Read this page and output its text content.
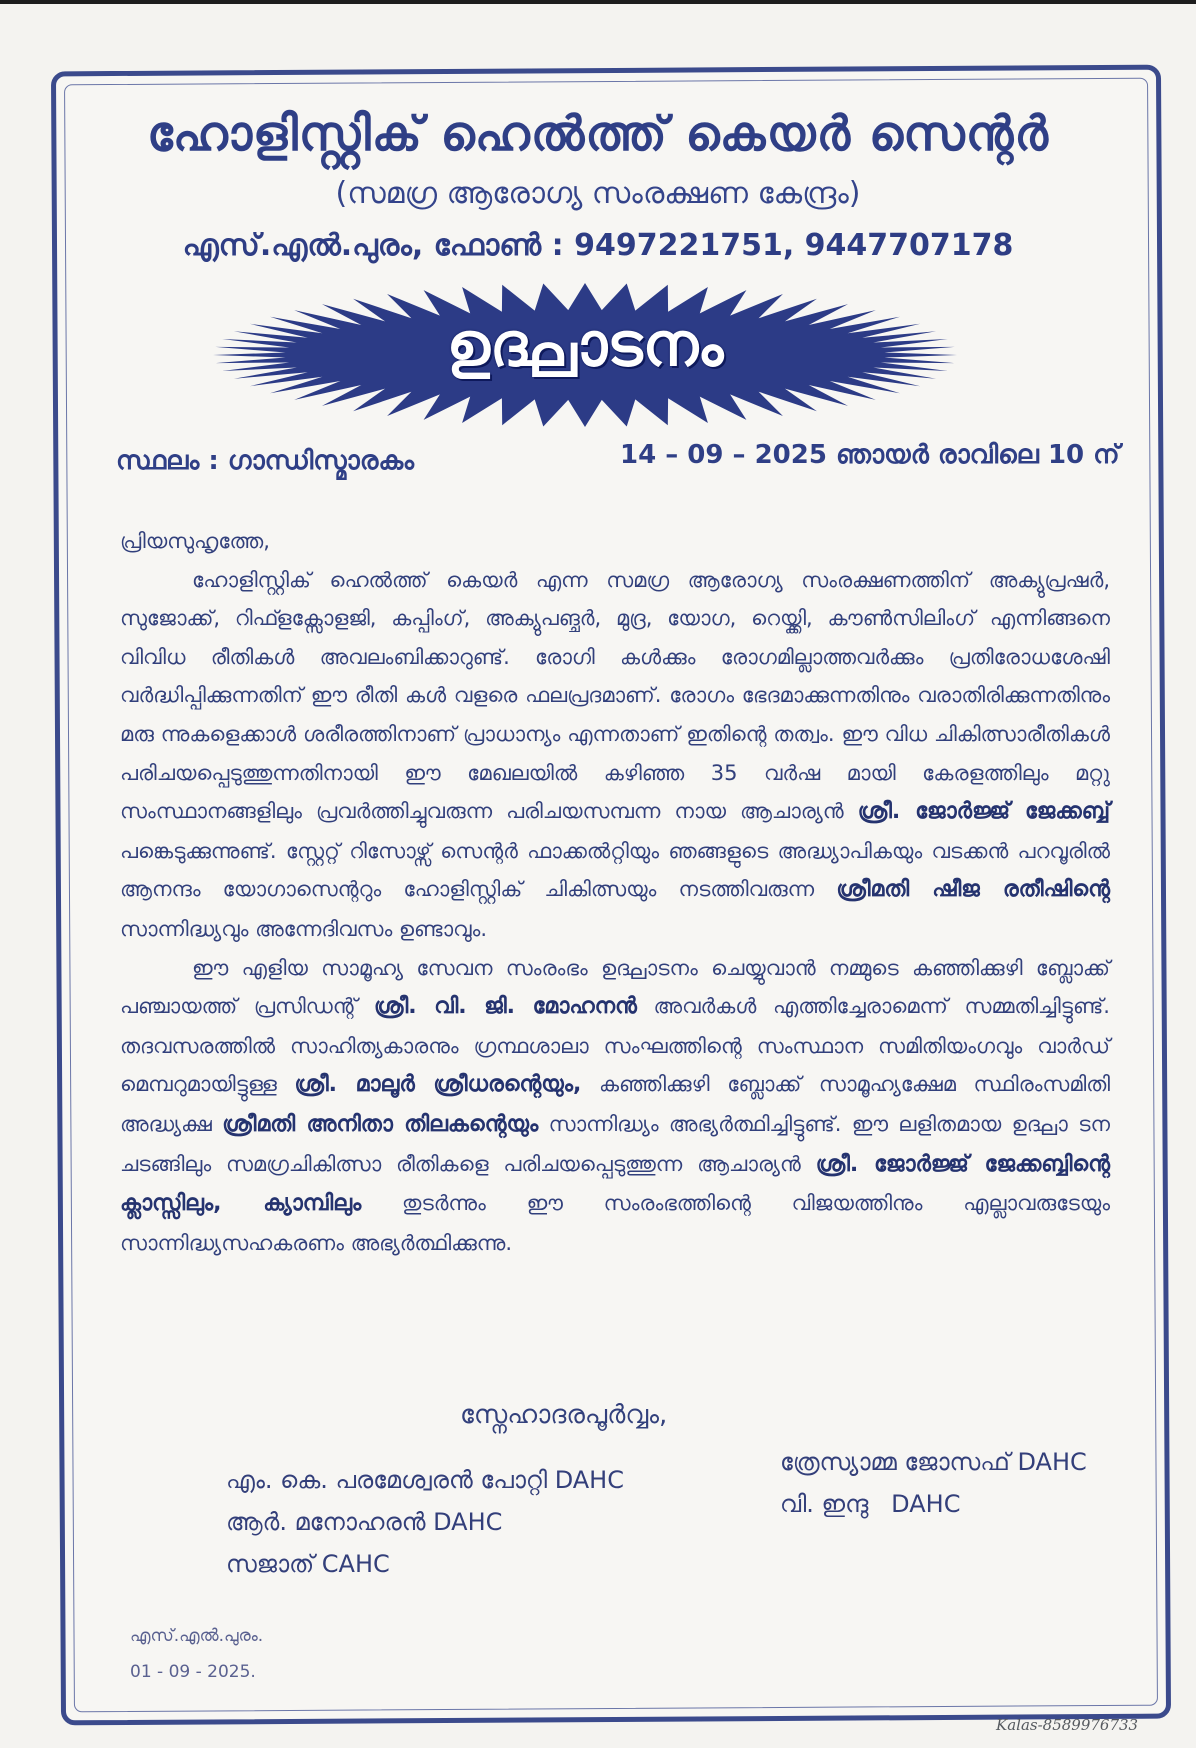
ഹോളിസ്റ്റിക് ഹെൽത്ത് കെയർ സെന്റർ
(സമഗ്ര ആരോഗ്യ സംരക്ഷണ കേന്ദ്രം)
എസ്.എൽ.പുരം, ഫോൺ : 9497221751, 9447707178
ഉദ്ഘാടനം
സ്ഥലം : ഗാന്ധിസ്മാരകം	14 – 09 – 2025 ഞായർ രാവിലെ 10 ന്

പ്രിയസുഹൃത്തേ,

ഹോളിസ്റ്റിക് ഹെൽത്ത് കെയർ എന്ന സമഗ്ര ആരോഗ്യ സംരക്ഷണത്തിന് അക്യുപ്രഷർ, സുജോക്ക്, റിഫ്ളക്സോളജി, കപ്പിംഗ്, അക്യുപങ്ചർ, മുദ്ര, യോഗ, റെയ്ക്കി, കൗൺസിലിംഗ് എന്നിങ്ങനെ വിവിധ രീതികൾ അവലംബിക്കാറുണ്ട്. രോഗി കൾക്കും രോഗമില്ലാത്തവർക്കും പ്രതിരോധശേഷി വർദ്ധിപ്പിക്കുന്നതിന് ഈ രീതി കൾ വളരെ ഫലപ്രദമാണ്. രോഗം ഭേദമാക്കുന്നതിനും വരാതിരിക്കുന്നതിനും മരു ന്നുകളെക്കാൾ ശരീരത്തിനാണ് പ്രാധാന്യം എന്നതാണ് ഇതിന്റെ തത്വം. ഈ വിധ ചികിത്സാരീതികൾ പരിചയപ്പെടുത്തുന്നതിനായി ഈ മേഖലയിൽ കഴിഞ്ഞ 35 വർഷ മായി കേരളത്തിലും മറ്റു സംസ്ഥാനങ്ങളിലും പ്രവർത്തിച്ചുവരുന്ന പരിചയസമ്പന്ന നായ ആചാര്യൻ ശ്രീ. ജോർജ്ജ് ജേക്കബ്ബ് പങ്കെടുക്കുന്നുണ്ട്. സ്റ്റേറ്റ് റിസോഴ്സ് സെന്റർ ഫാക്കൽറ്റിയും ഞങ്ങളുടെ അദ്ധ്യാപികയും വടക്കൻ പറവൂരിൽ ആനന്ദം യോഗാസെന്ററും ഹോളിസ്റ്റിക് ചികിത്സയും നടത്തിവരുന്ന ശ്രീമതി ഷീജ രതീഷിന്റെ സാന്നിദ്ധ്യവും അന്നേദിവസം ഉണ്ടാവും.

ഈ എളിയ സാമൂഹ്യ സേവന സംരംഭം ഉദ്ഘാടനം ചെയ്യുവാൻ നമ്മുടെ കഞ്ഞിക്കുഴി ബ്ലോക്ക് പഞ്ചായത്ത് പ്രസിഡന്റ് ശ്രീ. വി. ജി. മോഹനൻ അവർകൾ എത്തിച്ചേരാമെന്ന് സമ്മതിച്ചിട്ടുണ്ട്. തദവസരത്തിൽ സാഹിത്യകാരനും ഗ്രന്ഥശാലാ സംഘത്തിന്റെ സംസ്ഥാന സമിതിയംഗവും വാർഡ് മെമ്പറുമായിട്ടുള്ള ശ്രീ. മാലൂർ ശ്രീധരന്റെയും, കഞ്ഞിക്കുഴി ബ്ലോക്ക് സാമൂഹ്യക്ഷേമ സ്ഥിരംസമിതി അദ്ധ്യക്ഷ ശ്രീമതി അനിതാ തിലകന്റെയും സാന്നിദ്ധ്യം അഭ്യർത്ഥിച്ചിട്ടുണ്ട്. ഈ ലളിതമായ ഉദ്ഘാ ടന ചടങ്ങിലും സമഗ്രചികിത്സാ രീതികളെ പരിചയപ്പെടുത്തുന്ന ആചാര്യൻ ശ്രീ. ജോർജ്ജ് ജേക്കബ്ബിന്റെ ക്ലാസ്സിലും, ക്യാമ്പിലും തുടർന്നും ഈ സംരംഭത്തിന്റെ വിജയത്തിനും എല്ലാവരുടേയും സാന്നിദ്ധ്യസഹകരണം അഭ്യർത്ഥിക്കുന്നു.

സ്നേഹാദരപൂർവ്വം,
എം. കെ. പരമേശ്വരൻ പോറ്റി DAHC
ആർ. മനോഹരൻ DAHC
സജാത് CAHC
ത്രേസ്യാമ്മ ജോസഫ് DAHC
വി. ഇന്ദു   DAHC
എസ്.എൽ.പുരം.
01 - 09 - 2025.
Kalas-8589976733
